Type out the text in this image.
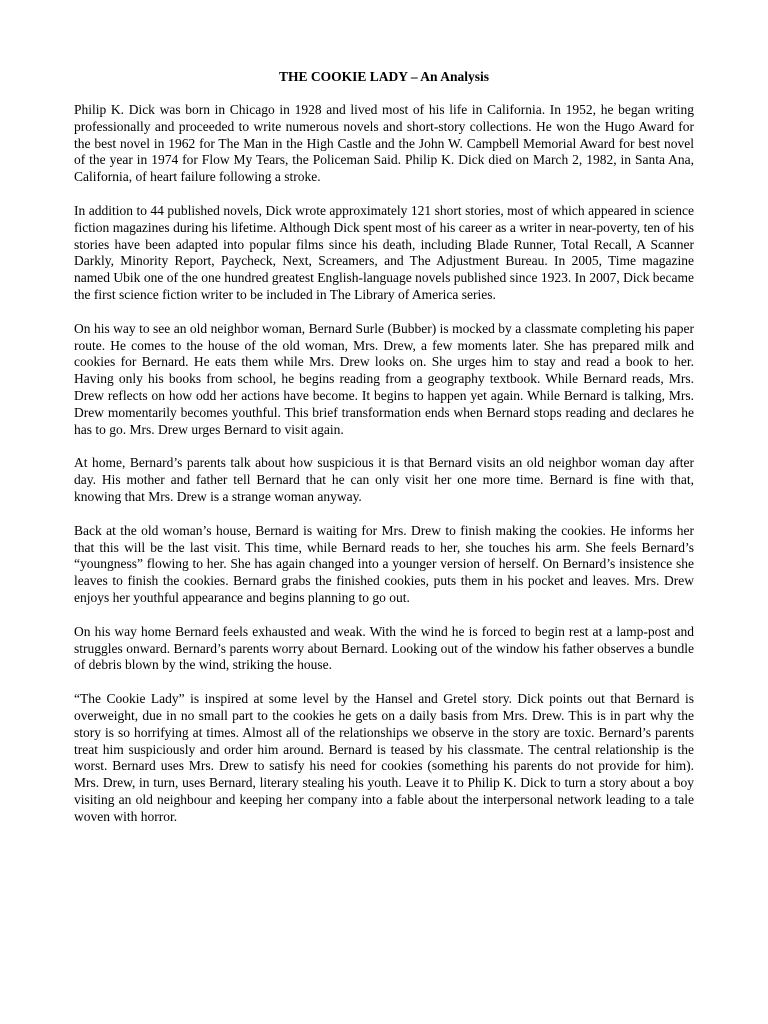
THE COOKIE LADY – An Analysis

Philip K. Dick was born in Chicago in 1928 and lived most of his life in California. In 1952, he began writing professionally and proceeded to write numerous novels and short-story collections. He won the Hugo Award for the best novel in 1962 for The Man in the High Castle and the John W. Campbell Memorial Award for best novel of the year in 1974 for Flow My Tears, the Policeman Said. Philip K. Dick died on March 2, 1982, in Santa Ana, California, of heart failure following a stroke.

In addition to 44 published novels, Dick wrote approximately 121 short stories, most of which appeared in science fiction magazines during his lifetime. Although Dick spent most of his career as a writer in near-poverty, ten of his stories have been adapted into popular films since his death, including Blade Runner, Total Recall, A Scanner Darkly, Minority Report, Paycheck, Next, Screamers, and The Adjustment Bureau. In 2005, Time magazine named Ubik one of the one hundred greatest English-language novels published since 1923. In 2007, Dick became the first science fiction writer to be included in The Library of America series.

On his way to see an old neighbor woman, Bernard Surle (Bubber) is mocked by a classmate completing his paper route. He comes to the house of the old woman, Mrs. Drew, a few moments later. She has prepared milk and cookies for Bernard. He eats them while Mrs. Drew looks on. She urges him to stay and read a book to her. Having only his books from school, he begins reading from a geography textbook. While Bernard reads, Mrs. Drew reflects on how odd her actions have become. It begins to happen yet again. While Bernard is talking, Mrs. Drew momentarily becomes youthful. This brief transformation ends when Bernard stops reading and declares he has to go. Mrs. Drew urges Bernard to visit again.

At home, Bernard’s parents talk about how suspicious it is that Bernard visits an old neighbor woman day after day. His mother and father tell Bernard that he can only visit her one more time. Bernard is fine with that, knowing that Mrs. Drew is a strange woman anyway.

Back at the old woman’s house, Bernard is waiting for Mrs. Drew to finish making the cookies. He informs her that this will be the last visit. This time, while Bernard reads to her, she touches his arm. She feels Bernard’s “youngness” flowing to her. She has again changed into a younger version of herself. On Bernard’s insistence she leaves to finish the cookies. Bernard grabs the finished cookies, puts them in his pocket and leaves. Mrs. Drew enjoys her youthful appearance and begins planning to go out.

On his way home Bernard feels exhausted and weak. With the wind he is forced to begin rest at a lamp-post and struggles onward. Bernard’s parents worry about Bernard. Looking out of the window his father observes a bundle of debris blown by the wind, striking the house.

“The Cookie Lady” is inspired at some level by the Hansel and Gretel story. Dick points out that Bernard is overweight, due in no small part to the cookies he gets on a daily basis from Mrs. Drew. This is in part why the story is so horrifying at times. Almost all of the relationships we observe in the story are toxic. Bernard’s parents treat him suspiciously and order him around. Bernard is teased by his classmate. The central relationship is the worst. Bernard uses Mrs. Drew to satisfy his need for cookies (something his parents do not provide for him). Mrs. Drew, in turn, uses Bernard, literary stealing his youth. Leave it to Philip K. Dick to turn a story about a boy visiting an old neighbour and keeping her company into a fable about the interpersonal network leading to a tale woven with horror.
